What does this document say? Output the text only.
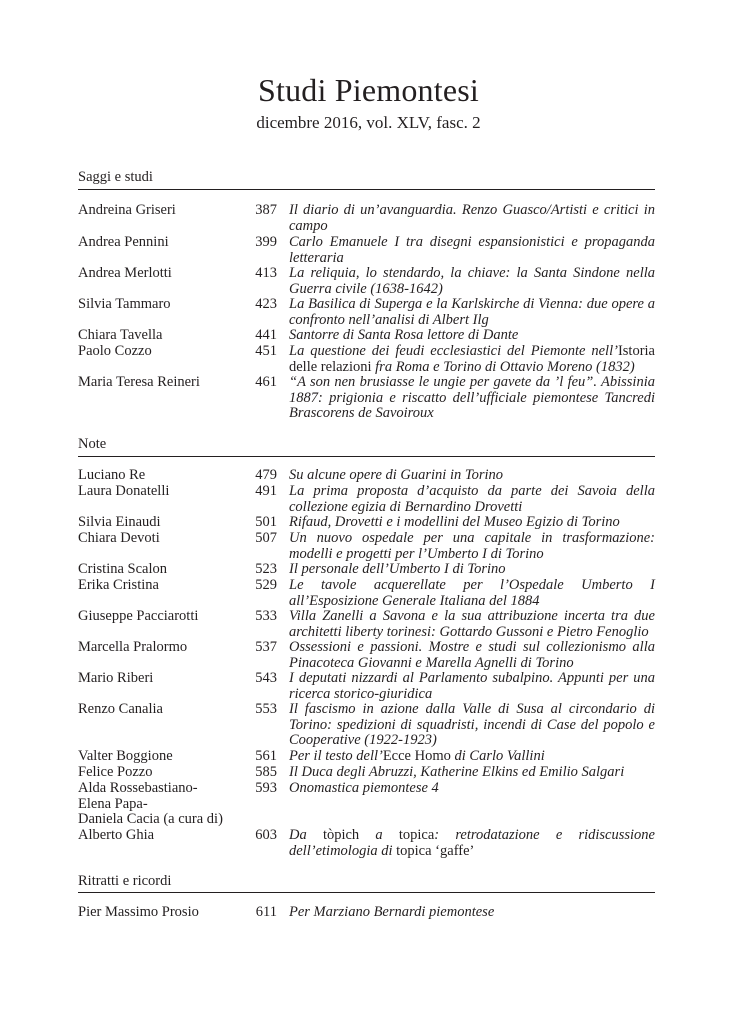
Studi Piemontesi
dicembre 2016, vol. XLV, fasc. 2
Saggi e studi
Andreina Griseri	387 Il diario di un’avanguardia. Renzo Guasco/Artisti e critici in campo
Andrea Pennini	399 Carlo Emanuele I tra disegni espansionistici e propaganda letteraria
Andrea Merlotti	413 La reliquia, lo stendardo, la chiave: la Santa Sindone nella Guerra civile (1638-1642)
Silvia Tammaro	423 La Basilica di Superga e la Karlskirche di Vienna: due opere a confronto nell’analisi di Albert Ilg
Chiara Tavella	441 Santorre di Santa Rosa lettore di Dante
Paolo Cozzo	451 La questione dei feudi ecclesiastici del Piemonte nell’Istoria delle relazioni fra Roma e Torino di Ottavio Moreno (1832)
Maria Teresa Reineri	461 “A son nen brusiasse le ungie per gavete da ’l feu”. Abissinia 1887: prigionia e riscatto dell’ufficiale piemontese Tancredi Brascorens de Savoiroux
Note
Luciano Re	479 Su alcune opere di Guarini in Torino
Laura Donatelli	491 La prima proposta d’acquisto da parte dei Savoia della collezione egizia di Bernardino Drovetti
Silvia Einaudi	501 Rifaud, Drovetti e i modellini del Museo Egizio di Torino
Chiara Devoti	507 Un nuovo ospedale per una capitale in trasformazione: modelli e progetti per l’Umberto I di Torino
Cristina Scalon	523 Il personale dell’Umberto I di Torino
Erika Cristina	529 Le tavole acquerellate per l’Ospedale Umberto I all’Esposizione Generale Italiana del 1884
Giuseppe Pacciarotti	533 Villa Zanelli a Savona e la sua attribuzione incerta tra due architetti liberty torinesi: Gottardo Gussoni e Pietro Fenoglio
Marcella Pralormo	537 Ossessioni e passioni. Mostre e studi sul collezionismo alla Pinacoteca Giovanni e Marella Agnelli di Torino
Mario Riberi	543 I deputati nizzardi al Parlamento subalpino. Appunti per una ricerca storico-giuridica
Renzo Canalia	553 Il fascismo in azione dalla Valle di Susa al circondario di Torino: spedizioni di squadristi, incendi di Case del popolo e Cooperative (1922-1923)
Valter Boggione	561 Per il testo dell’Ecce Homo di Carlo Vallini
Felice Pozzo	585 Il Duca degli Abruzzi, Katherine Elkins ed Emilio Salgari
Alda Rossebastiano-
Elena Papa-
Daniela Cacia (a cura di)
593 Onomastica piemontese 4
Alberto Ghia	603 Da tòpich a topica: retrodatazione e ridiscussione dell’etimologia di topica ‘gaffe’
Ritratti e ricordi
Pier Massimo Prosio	611 Per Marziano Bernardi piemontese
